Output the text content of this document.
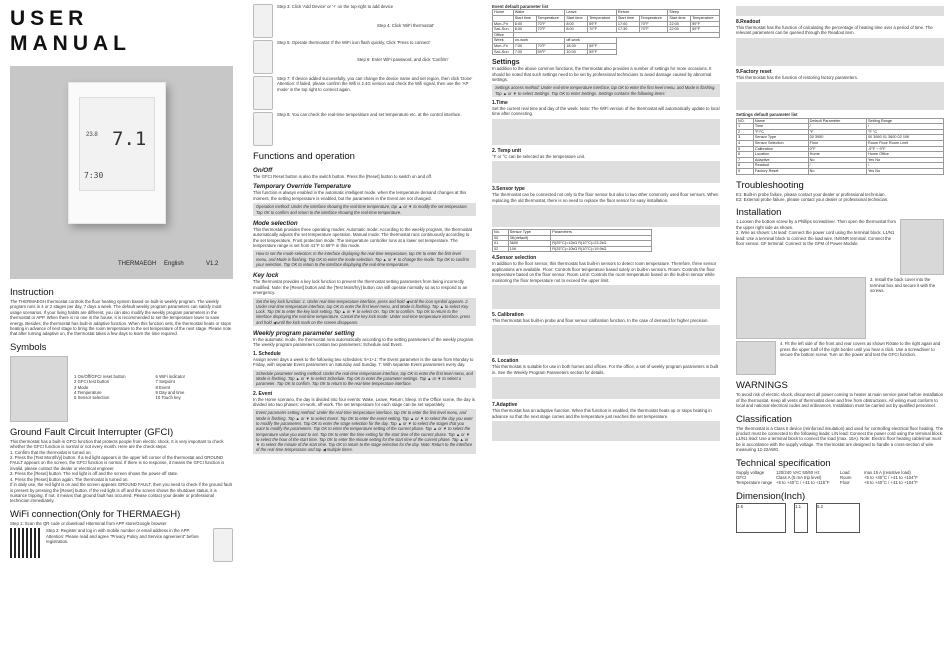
USER
MANUAL
7.1
23.8
7:30
THERMAEGH English	V1.2
Instruction
The THERMAEGH thermostat controls the floor heating system based on built-in weekly program. The weekly program runs in 4 or 2 stages per day, 7 days a week. The default weekly program parameters can satisfy most usage scenarios. If your living habits are different, you can also modify the weekly program parameters in the thermostat or APP. When there is no one in the house, it is recommended to set the temperature lower to save energy. Besides, the thermostat has built-in adaptive function. When this function sets, the thermostat heats or stops heating in advance of next stage to bring the room temperature to the set temperature of the next stage. Please note that after turning adaptive on, the thermostat takes a few days to learn the time required.
Symbols
1 On/Off/GFCI reset button
2 GFCI test button
3 Mode
4 Temperature
5 Sensor selection
6 WiFi indicator
7 Setpoint
8 Event
9 Day and time
10 Touch key
Ground Fault Circuit Interrupter (GFCI)
This thermostat has a built-in GFCI function that protects people from electric shock. It is very important to check whether the GFCI function is normal or not every month. Here are the check steps:
1. Confirm that the thermostat is turned on.
2. Press the [Test Mont/h/y] button. If a red light appears in the upper left corner of the thermostat and GROUND FAULT appears on the screen, the GFCI function is normal. If there is no response, it means the GFCI function is invalid, please contact the dealer or electrical engineer.
3. Press the [Reset] button. The red light is off and the screen shows the power-off state.
4. Press the [Reset] button again. The thermostat is turned on.
If in daily use, the red light is on and the screen appears GROUND FAULT, then you need to check if the ground fault is present by pressing the [Reset] button. If the red light is off and the screen shows the shutdown status, it is nuisance tripping. If not, it means that ground fault has occurred. Please contact your dealer or professional technician immediately.
WiFi connection(Only for THERMAEGH)
Step 1: Scan the QR code or download Hiterminal from APP store/Google browser
Step 2: Register and log in with mobile number or email address in the APP.
Attention: Please read and agree "Privacy Policy and Service agreement" before registration.
Step 3: Click 'Add Device' or '+' on the top-right to add device
Step 4: Click 'WiFi thermostat'
Step 5: Operate thermostat: If the WiFi icon flash quickly, Click 'Press to connect'
Step 6: Enter WiFi password, and click 'Confirm'
Step 7: If device added successfully, you can change the device name and set region, then click 'Done'
Attention: If failed, please confirm the Wifi is 2.4G version and check the Wifi signal, then use the 'AP mode' in the top right to connect again.
Step 8: You can check the real-time temperature and set temperature etc. at the control interface.
Functions and operation
On/Off
The GFCI Reset button is also the switch button. Press the [Reset] button to switch on and off.
Temporary Override Temperature
This function is always enabled in the automatic intelligent mode. when the temperature demand changes at this moment, the setting temperature is enabled, but the parameters in the Event are not changed.
Operation method: Under the interface showing the real-time temperature, tap ▲ or ▼ to modify the set temperature. Tap OK to confirm and return to the interface showing the real-time temperature.
Mode selection
This thermostat provides three operating modes: Automatic mode: According to the weekly program, the thermostat automatically adjusts the set temperature operation. Manual mode: The thermostat runs continuously according to the set temperature. Frost protection mode: The temperature controller runs at a lower set temperature. The temperature range is set from 41°F to 59°F in this mode.
How to set the mode selection: In the interface displaying the real-time temperature, tap OK to enter the first level menu, and Mode is flashing. Tap OK to enter the mode selection. Tap ▲ or ▼ to change the mode. Tap OK to confirm your selection. Tap OK to return to the interface displaying the real-time temperature.
Key lock
The thermostat provides a key lock function to prevent the thermostat setting parameters from being incorrectly modified. Note: the [Reset] button and the [Test Mont/h/y] button can still operate normally so as to respond to an emergency.
Set the key lock function: 1. Under real-time temperature interface, press and hold ◀ until the icon symbol appears. 2. Under real-time temperature interface, tap OK to enter the first level menu, and Mode is flashing. Tap ▲ to select Key Lock. Tap OK to enter the key lock setting. Tap ▲ or ▼ to select On. Tap OK to confirm. Tap OK to return to the interface displaying the real-time temperature. Cancel the key lock mode: Under real-time temperature interface, press and hold ◀ until the lock mark on the screen disappears.
Weekly program parameter setting
In the automatic mode, the thermostat runs automatically according to the setting parameters of the weekly program. The weekly program parameters contain two parameters: Schedule and Event.
1. Schedule
Assign seven days a week to the following two schedules: 5+1+1: The Event parameter is the same from Monday to Friday, with separate Event parameters on Saturday and Sunday. 7: With separate Event parameters every day.
Schedule parameter setting method: Under the real-time temperature interface, tap OK to enter the first level menu, and Mode is flashing. Tap ▲ or ▼ to select Schedule. Tap OK to enter the parameter settings. Tap ▲ or ▼ to select a parameter. Tap OK to confirm. Tap OK to return to the real-time temperature interface.
2. Event
In the Home scenario, the day is divided into four events: Wake, Leave, Return, Sleep. In the Office scene, the day is divided into two phases: on-work, off-work. The set temperature for each stage can be set separately.
Event parameter setting method: Under the real-time temperature interface, tap OK to enter the first level menu, and Mode is flashing. Tap ▲ or ▼ to select Event. Tap OK to enter the event setting. Tap ▲ or ▼ to select the day you want to modify the parameters. Tap OK to enter the stage selection for the day. Tap ▲ or ▼ to select the stages that you want to modify the parameters. Tap OK to enter the temperature setting of the current phase. Tap ▲ or ▼ to select the temperature value you want to set. Tap OK to enter the time setting for the start time of the current phase. Tap ▲ or ▼ to select the hour of the start time. Tap OK to enter the minute setting for the start time of the current phase. Tap ▲ or ▼ to select the minute of the start time. Tap OK to return to the stage selection for the day. Note: Return to the interface of the real-time temperature and tap ◀ multiple times.
Event default parameter list
Home	Wake		Leave		Return		Sleep	
	Start time	Temperature	Start time	Temperature	Start time	Temperature	Start time	Temperature
Mon–Fri	6:00	70°F	8:00	59°F	17:00	70°F	22:00	59°F
Sat–Sun	8:00	70°F	8:00	70°F	17:30	70°F	22:00	59°F
Office								
Week	on-work		off-work					
Mon–Fri	7:00	70°F	18:00	59°F				
Sat–Sun	7:00	59°F	10:00	59°F				
Settings
In addition to the above common functions, the thermostat also provides a number of settings for more occasions. It should be noted that such settings need to be set by professional technicians to avoid damage caused by abnormal settings.
Settings access method: Under real-time temperature interface, tap OK to enter the first level menu, and Mode is flashing. Tap ▲ or ▼ to select Settings. Tap OK to enter Settings. Settings contains the following items:
1.Time
Set the current real time and day of the week. Note: The WiFi version of the thermostat will automatically update to local time after connecting.
2. Temp unit
°F or °C can be selected as the temperature unit.
3.Sensor type
The thermostat can be connected not only to the floor sensor but also to two other commonly used floor sensors. When replacing the old thermostat, there is no need to replace the floor sensor for easy installation.
No.	Sensor Type	Parameters
00	3K(default)	
01	3600	R(25°C)=12kΩ R(10°C)=23.2kΩ
02	10K	R(25°C)=10kΩ R(10°C)=19.9kΩ
4.Sensor selection
In addition to the floor sensor, this thermostat has built-in sensors to detect room temperature. Therefore, three sensor applications are available. Floor: Controls floor temperature based solely on built-in sensors. Room: Controls the floor temperature based on the floor sensor. Room Limit: Controls the room temperature based on the built-in sensor while monitoring the floor temperature not to exceed the upper limit.
5. Calibration
This thermostat has built-in probe and floor sensor calibration function. In the case of demand for higher precision.
6. Location
This thermostat is suitable for use in both homes and offices. For the office, a set of weekly program parameters is built in. See the Weekly Program Parameters section for details.
7.Adaptive
This thermostat has an adaptive function. When this function is enabled, the thermostat heats up or stops heating in advance so that the next stage comes and the temperature just reaches the set temperature.
8.Readout
This thermostat has the function of calculating the percentage of heating time over a period of time. The relevant parameters can be queried through the Readout item.
9.Factory reset
This thermostat has the function of restoring factory parameters.
Settings default parameter list
NO.	Name	Default Parameter	Setting Range
1	Time	/	/
2	°F/°C	°F	°F °C
3	Sensor Type	00 3950	00 3950 01 3600 02 10K
4	Sensor Selection	Floor	Room Floor Room Limit
5	Calibration	0°F	-9°F ~ 9°F
6	Location	Home	Home Office
7	Adaptive	No	Yes No
8	Readout	/	/
9	Factory Reset	No	Yes No
Troubleshooting
E1: Built-in probe failure, please contact your dealer or professional technician.
E2: External probe failure, please contact your dealer or professional technician.
Installation
1.Loosen the bottom screw by a Phillips screwdriver. Then open the thermostat from the upper right side as shown.
2. Wire as shown: LN lead: Connect the power cord using the terminal block. L1/N1 lead: Use a terminal block to connect the load wire. IN/SNR terminal: Connect the floor sensor. GF terminal: Connect to the GFM of Power Module.
3. Install the back cover into the terminal box and secure it with the screws.
4. Fit the left side of the front and rear covers as shown Rotate to the right again and press the upper half of the right border until you hear a click. Use a screwdriver to secure the bottom screw. Turn on the power and test the GFCI function.
WARNINGS
To avoid risk of electric shock, disconnect all power coming to heater at main service panel before installation of the thermostat. Keep all vents of thermostat clean and free from obstructions. All wiring must conform to local and national electrical codes and ordinances. Installation must be carried out by qualified personnel.
Classification
The thermostat is a Class II device (reinforced insulation) and used for controlling electrical floor heating. The product must be connected to the following leads: L/N lead: Connect the power cord using the terminal block. L1/N1 lead: Use a terminal block to connect the load (max. 15A). Note: Electric floor heating cable/mat must be in accordance with the supply voltage. The thermostat are designed to handle a cross-section of wire measuring 12-22AWG.
Technical specification
Supply voltage	120/240 VAC 50/60 Hz	Load	max 15 A (resistive load)
GFCI	Class A (5 mA trip level)	Room	+5 to +40°C / +41 to +104°F
Temperature range +5 to +40°C / +41 to +115°F	Floor	+5 to +40°C / +41 to +104°F
Dimension(Inch)
3.6	1.1	5.2
